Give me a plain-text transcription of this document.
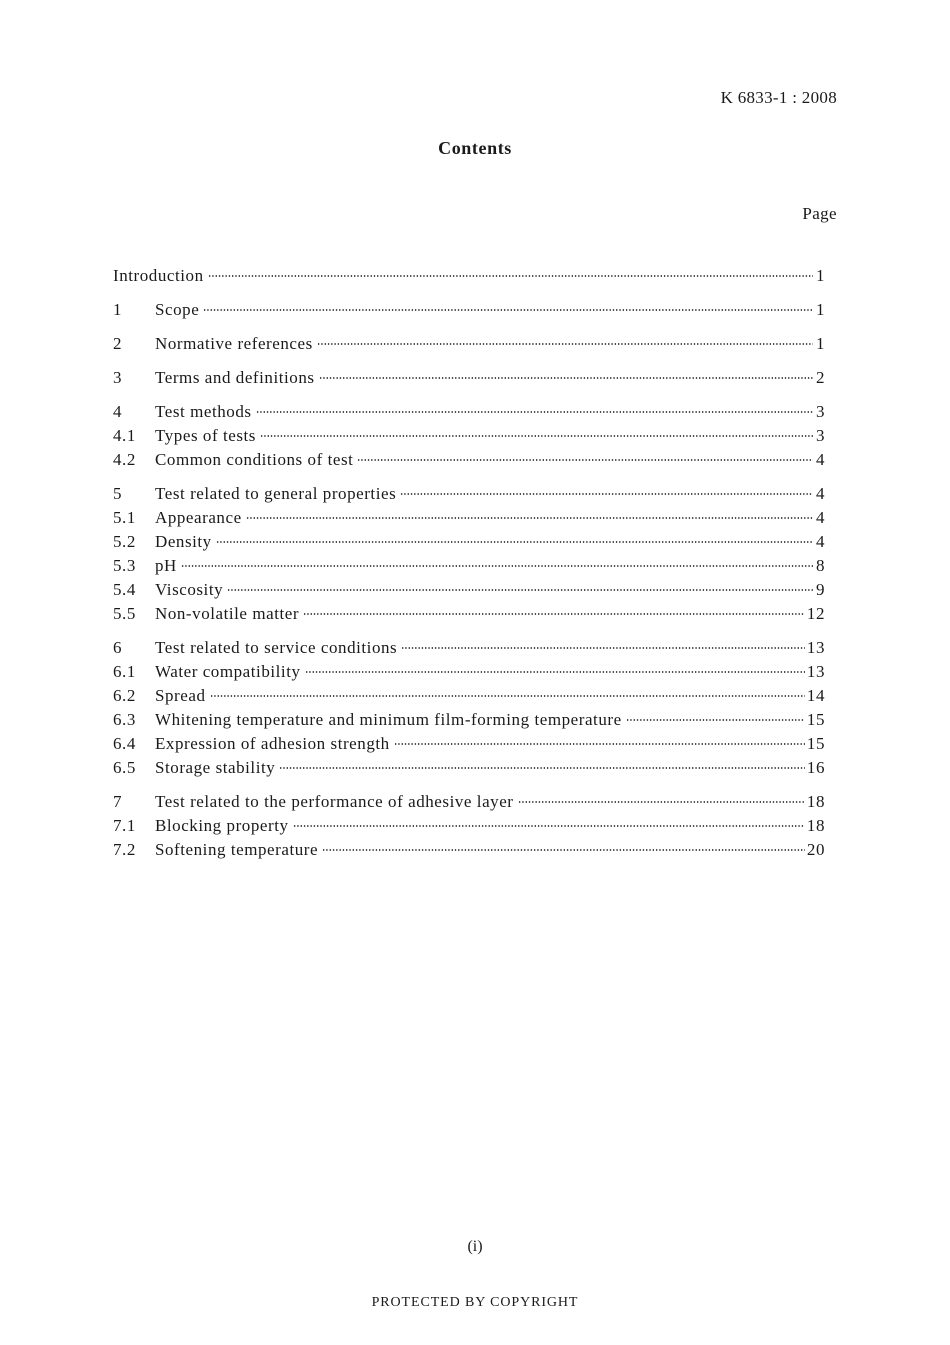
K 6833-1 : 2008
Contents
Page
Introduction	1
1	Scope	1
2	Normative references	1
3	Terms and definitions	2
4	Test methods	3
4.1	Types of tests	3
4.2	Common conditions of test	4
5	Test related to general properties	4
5.1	Appearance	4
5.2	Density	4
5.3	pH	8
5.4	Viscosity	9
5.5	Non-volatile matter	12
6	Test related to service conditions	13
6.1	Water compatibility	13
6.2	Spread	14
6.3	Whitening temperature and minimum film-forming temperature	15
6.4	Expression of adhesion strength	15
6.5	Storage stability	16
7	Test related to the performance of adhesive layer	18
7.1	Blocking property	18
7.2	Softening temperature	20
(i)
PROTECTED BY COPYRIGHT
